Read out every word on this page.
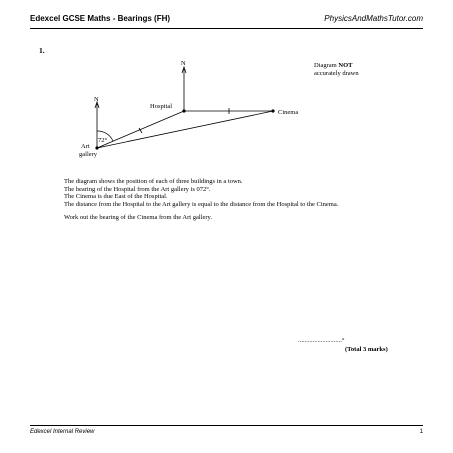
Edexcel GCSE Maths - Bearings (FH)	PhysicsAndMathsTutor.com
1.
Diagram NOT
accurately drawn
N
N
72°
Hospital
Cinema
Art
gallery

The diagram shows the position of each of three buildings in a town.

The bearing of the Hospital from the Art gallery is 072°.

The Cinema is due East of the Hospital.

The distance from the Hospital to the Art gallery is equal to the distance from the Hospital to the Cinema.

Work out the bearing of the Cinema from the Art gallery.

...........................°
(Total 3 marks)
Edexcel Internal Review	1
